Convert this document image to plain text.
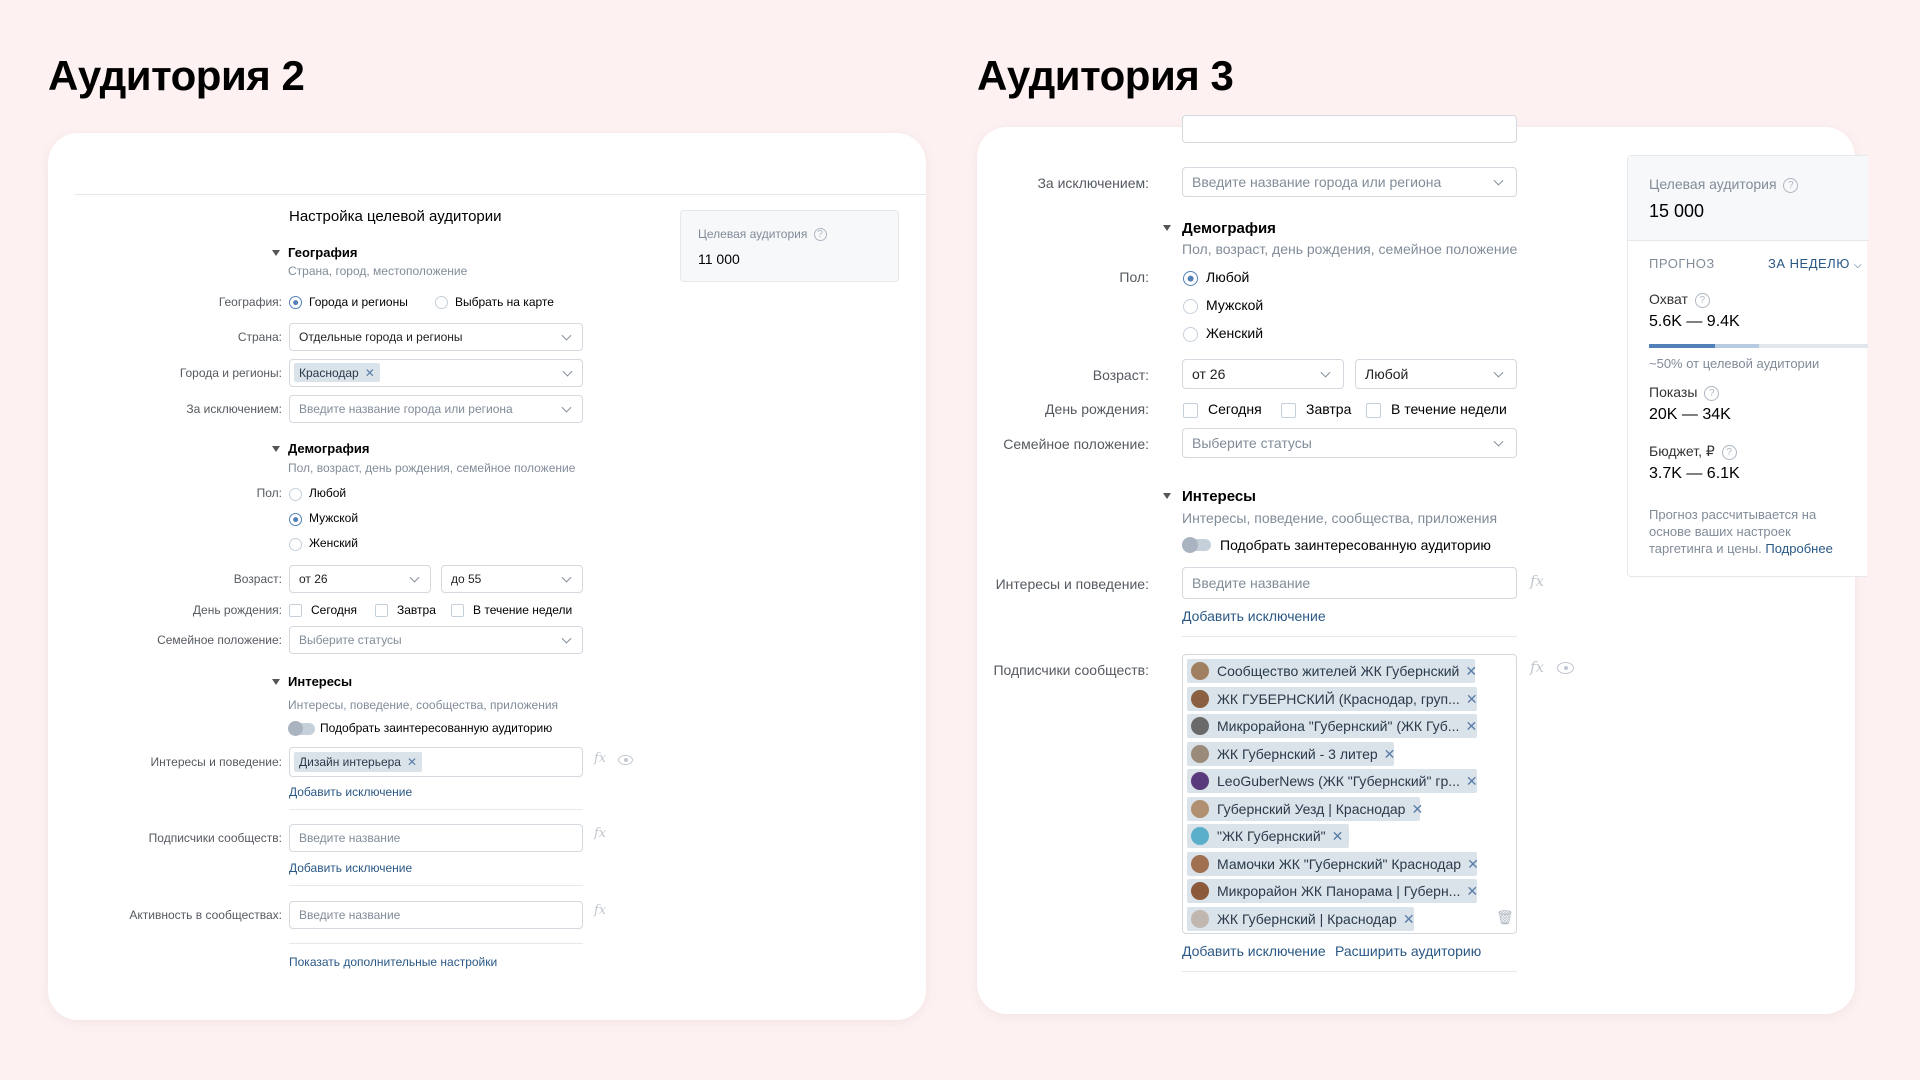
Аудитория 2	Аудитория 3
Настройка целевой аудитории
Целевая аудитория ?
11 000
География
Страна, город, местоположение
География: Города и регионы	Выбрать на карте
Страна: Отдельные города и регионы
Города и регионы: Краснодар ✕
За исключением: Введите название города или региона
Демография
Пол, возраст, день рождения, семейное положение
Пол: Любой
Мужской
Женский
Возраст: от 26	до 55
День рождения: Сегодня	Завтра	В течение недели
Семейное положение: Выберите статусы
Интересы
Интересы, поведение, сообщества, приложения
Подобрать заинтересованную аудиторию
Интересы и поведение: Дизайн интерьера ✕	fx
Добавить исключение
Подписчики сообществ: Введите название	fx
Добавить исключение
Активность в сообществах: Введите название	fx
Показать дополнительные настройки
За исключением:	Введите название города или региона
Демография
Пол, возраст, день рождения, семейное положение
Пол:	Любой
Мужской
Женский
Возраст:	от 26	Любой
День рождения:	Сегодня	Завтра	В течение недели
Семейное положение:	Выберите статусы
Интересы
Интересы, поведение, сообщества, приложения
Подобрать заинтересованную аудиторию
Интересы и поведение:	Введите название	fx
Добавить исключение
Подписчики сообществ:	fx
Сообщество жителей ЖК Губернский ✕
ЖК ГУБЕРНСКИЙ (Краснодар, груп... ✕
Микрорайона "Губернский" (ЖК Губ... ✕
ЖК Губернский - 3 литер ✕
LeoGuberNews (ЖК "Губернский" гр... ✕
Губернский Уезд | Краснодар ✕
"ЖК Губернский" ✕
Мамочки ЖК "Губернский" Краснодар ✕
Микрорайон ЖК Панорама | Губерн... ✕
ЖК Губернский | Краснодар ✕	🗑
Добавить исключение Расширить аудиторию
Целевая аудитория ?
15 000
ПРОГНОЗ	ЗА НЕДЕЛЮ ⌵
Охват ?
5.6K — 9.4K
~50% от целевой аудитории
Показы ?
20K — 34K
Бюджет, ₽ ?
3.7K — 6.1K
Прогноз рассчитывается на
основе ваших настроек
таргетинга и цены. Подробнее
